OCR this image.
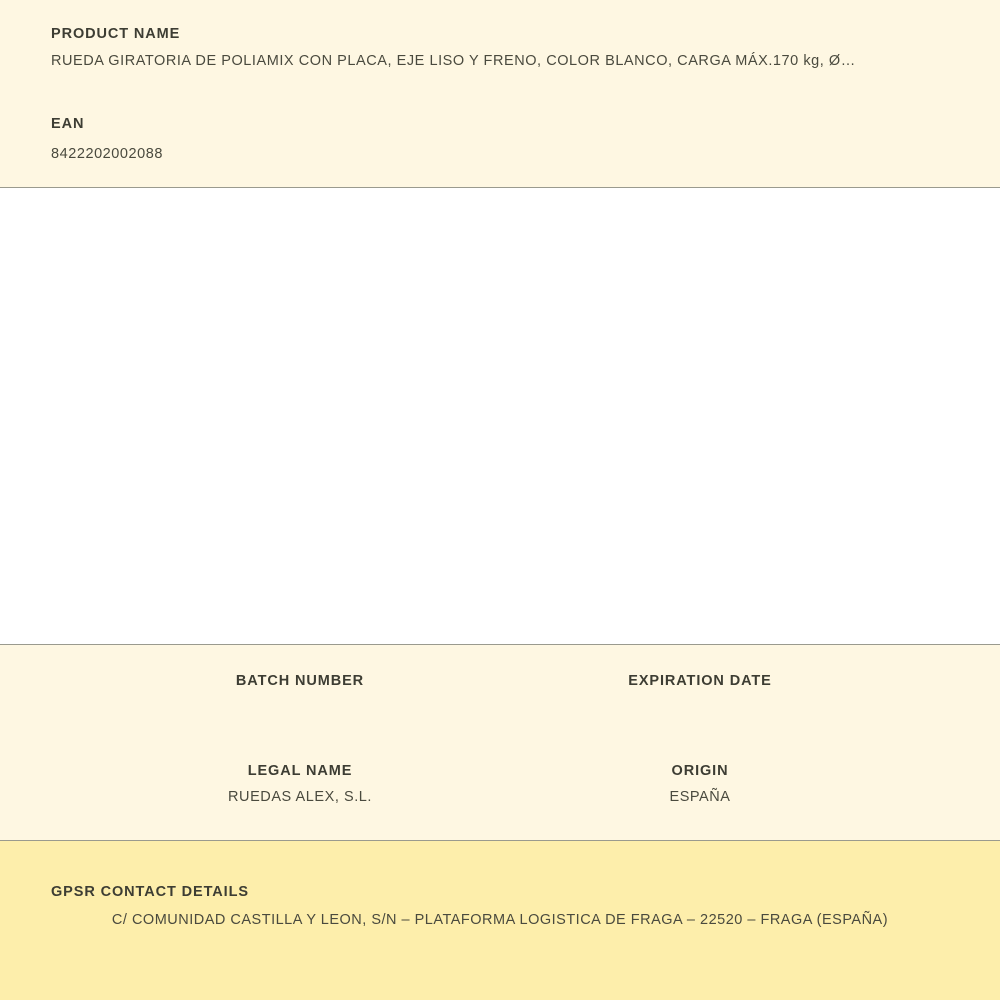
PRODUCT NAME
RUEDA GIRATORIA DE POLIAMIX CON PLACA, EJE LISO Y FRENO, COLOR BLANCO, CARGA MÁX.170 kg, Ø…
EAN
8422202002088
BATCH NUMBER	EXPIRATION DATE
LEGAL NAME
RUEDAS ALEX, S.L.
ORIGIN
ESPAÑA
GPSR CONTACT DETAILS
C/ COMUNIDAD CASTILLA Y LEON, S/N – PLATAFORMA LOGISTICA DE FRAGA – 22520 – FRAGA (ESPAÑA)
